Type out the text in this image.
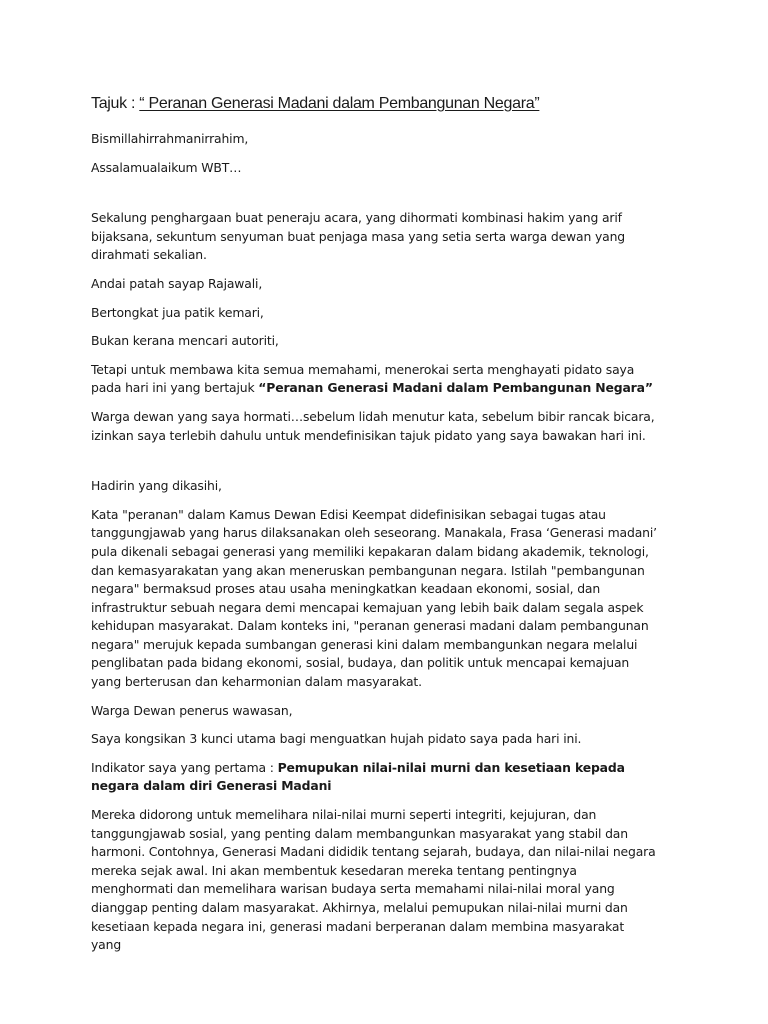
Tajuk : “ Peranan Generasi Madani dalam Pembangunan Negara”

Bismillahirrahmanirrahim,

Assalamualaikum WBT…

Sekalung penghargaan buat peneraju acara, yang dihormati kombinasi hakim yang arif bijaksana, sekuntum senyuman buat penjaga masa yang setia serta warga dewan yang dirahmati sekalian.

Andai patah sayap Rajawali,

Bertongkat jua patik kemari,

Bukan kerana mencari autoriti,

Tetapi untuk membawa kita semua memahami, menerokai serta menghayati pidato saya pada hari ini yang bertajuk “Peranan Generasi Madani dalam Pembangunan Negara”

Warga dewan yang saya hormati…sebelum lidah menutur kata, sebelum bibir rancak bicara, izinkan saya terlebih dahulu untuk mendefinisikan tajuk pidato yang saya bawakan hari ini.

Hadirin yang dikasihi,

Kata "peranan" dalam Kamus Dewan Edisi Keempat didefinisikan sebagai tugas atau tanggungjawab yang harus dilaksanakan oleh seseorang. Manakala, Frasa ‘Generasi madani’ pula dikenali sebagai generasi yang memiliki kepakaran dalam bidang akademik, teknologi, dan kemasyarakatan yang akan meneruskan pembangunan negara. Istilah "pembangunan negara" bermaksud proses atau usaha meningkatkan keadaan ekonomi, sosial, dan infrastruktur sebuah negara demi mencapai kemajuan yang lebih baik dalam segala aspek kehidupan masyarakat. Dalam konteks ini, "peranan generasi madani dalam pembangunan negara" merujuk kepada sumbangan generasi kini dalam membangunkan negara melalui penglibatan pada bidang ekonomi, sosial, budaya, dan politik untuk mencapai kemajuan yang berterusan dan keharmonian dalam masyarakat.

Warga Dewan penerus wawasan,

Saya kongsikan 3 kunci utama bagi menguatkan hujah pidato saya pada hari ini.

Indikator saya yang pertama : Pemupukan nilai-nilai murni dan kesetiaan kepada negara dalam diri Generasi Madani

Mereka didorong untuk memelihara nilai-nilai murni seperti integriti, kejujuran, dan tanggungjawab sosial, yang penting dalam membangunkan masyarakat yang stabil dan harmoni. Contohnya, Generasi Madani dididik tentang sejarah, budaya, dan nilai-nilai negara mereka sejak awal. Ini akan membentuk kesedaran mereka tentang pentingnya menghormati dan memelihara warisan budaya serta memahami nilai-nilai moral yang dianggap penting dalam masyarakat. Akhirnya, melalui pemupukan nilai-nilai murni dan kesetiaan kepada negara ini, generasi madani berperanan dalam membina masyarakat yang
